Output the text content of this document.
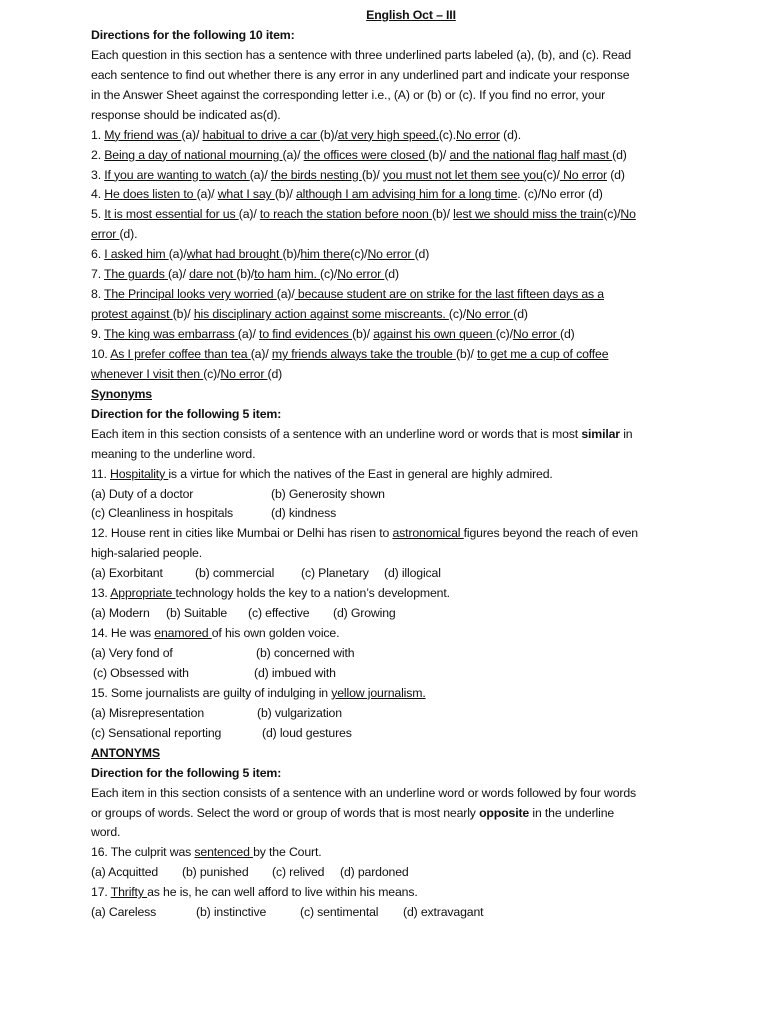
English Oct – III
Directions for the following 10 item:
Each question in this section has a sentence with three underlined parts labeled (a), (b), and (c). Read
each sentence to find out whether there is any error in any underlined part and indicate your response
in the Answer Sheet against the corresponding letter i.e., (A) or (b) or (c). If you find no error, your
response should be indicated as(d).
1. My friend was (a)/ habitual to drive a car (b)/at very high speed.(c).No error (d).
2. Being a day of national mourning (a)/ the offices were closed (b)/ and the national flag half mast (d)
3. If you are wanting to watch (a)/ the birds nesting (b)/ you must not let them see you(c)/ No error (d)
4. He does listen to (a)/ what I say (b)/ although I am advising him for a long time. (c)/No error (d)
5. It is most essential for us (a)/ to reach the station before noon (b)/ lest we should miss the train(c)/No
error (d).
6. I asked him (a)/what had brought (b)/him there(c)/No error (d)
7. The guards (a)/ dare not (b)/to ham him. (c)/No error (d)
8. The Principal looks very worried (a)/ because student are on strike for the last fifteen days as a
protest against (b)/ his disciplinary action against some miscreants. (c)/No error (d)
9. The king was embarrass (a)/ to find evidences (b)/ against his own queen (c)/No error (d)
10. As I prefer coffee than tea (a)/ my friends always take the trouble (b)/ to get me a cup of coffee
whenever I visit then (c)/No error (d)
Synonyms
Direction for the following 5 item:
Each item in this section consists of a sentence with an underline word or words that is most similar in
meaning to the underline word.
11. Hospitality is a virtue for which the natives of the East in general are highly admired.
(a) Duty of a doctor	(b) Generosity shown
(c) Cleanliness in hospitals	(d) kindness
12. House rent in cities like Mumbai or Delhi has risen to astronomical figures beyond the reach of even
high-salaried people.
(a) Exorbitant	(b) commercial (c) Planetary (d) illogical
13. Appropriate technology holds the key to a nation’s development.
(a) Modern (b) Suitable (c) effective (d) Growing
14. He was enamored of his own golden voice.
(a) Very fond of	(b) concerned with
(c) Obsessed with	(d) imbued with
15. Some journalists are guilty of indulging in yellow journalism.
(a) Misrepresentation	(b) vulgarization
(c) Sensational reporting	(d) loud gestures
ANTONYMS
Direction for the following 5 item:
Each item in this section consists of a sentence with an underline word or words followed by four words
or groups of words. Select the word or group of words that is most nearly opposite in the underline
word.
16. The culprit was sentenced by the Court.
(a) Acquitted (b) punished (c) relived (d) pardoned
17. Thrifty as he is, he can well afford to live within his means.
(a) Careless	(b) instinctive	(c) sentimental (d) extravagant
